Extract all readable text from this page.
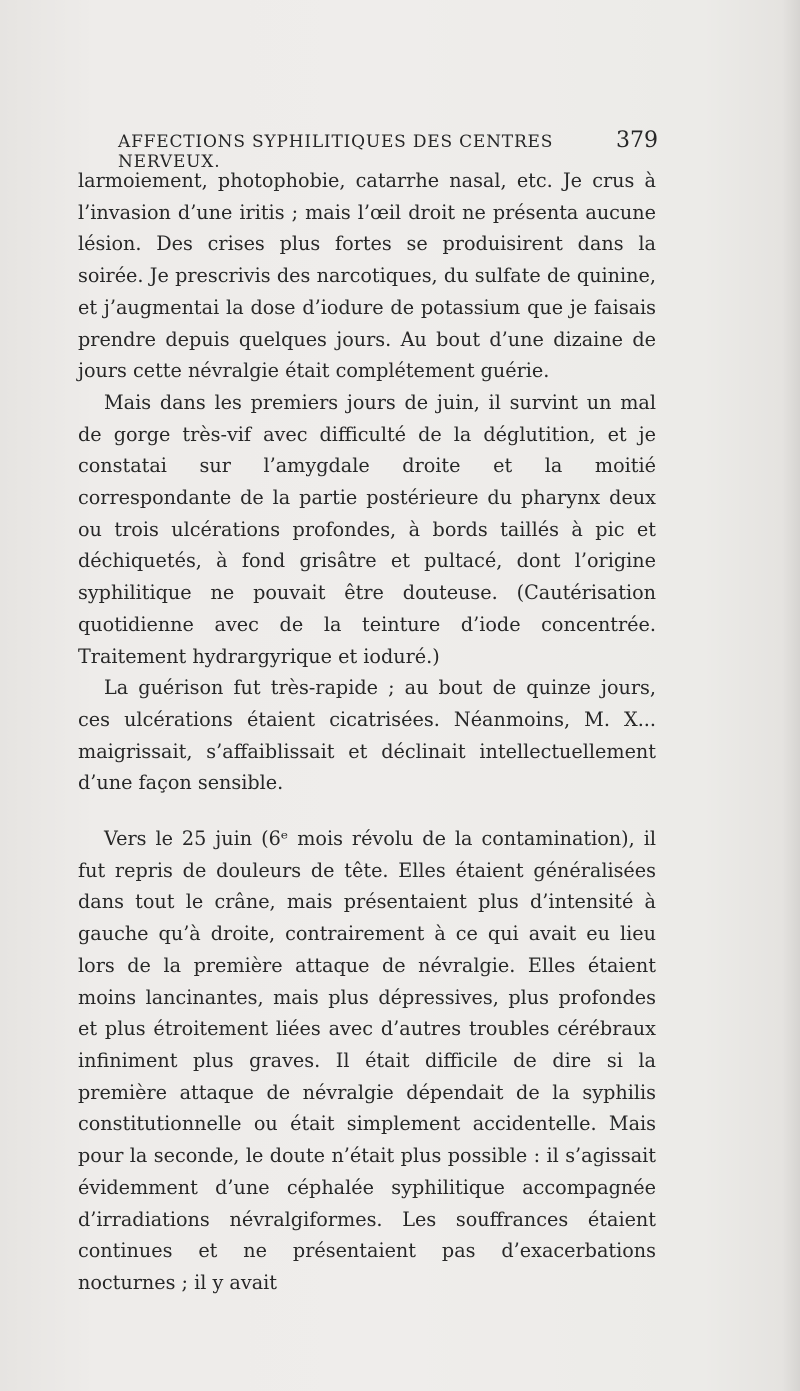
AFFECTIONS SYPHILITIQUES DES CENTRES NERVEUX.
379

larmoiement, photophobie, catarrhe nasal, etc. Je crus à l’invasion d’une iritis ; mais l’œil droit ne présenta aucune lésion. Des crises plus fortes se produisirent dans la soirée. Je prescrivis des narcotiques, du sulfate de quinine, et j’augmentai la dose d’iodure de potassium que je faisais prendre depuis quelques jours. Au bout d’une dizaine de jours cette névralgie était complétement guérie.

Mais dans les premiers jours de juin, il survint un mal de gorge très-vif avec difficulté de la déglutition, et je constatai sur l’amygdale droite et la moitié correspondante de la partie postérieure du pharynx deux ou trois ulcérations profondes, à bords taillés à pic et déchiquetés, à fond grisâtre et pultacé, dont l’origine syphilitique ne pouvait être douteuse. (Cautérisation quotidienne avec de la teinture d’iode concentrée. Traitement hydrargyrique et ioduré.)

La guérison fut très-rapide ; au bout de quinze jours, ces ulcérations étaient cicatrisées. Néanmoins, M. X... maigrissait, s’affaiblissait et déclinait intellectuellement d’une façon sensible.

Vers le 25 juin (6ᵉ mois révolu de la contamination), il fut repris de douleurs de tête. Elles étaient généralisées dans tout le crâne, mais présentaient plus d’intensité à gauche qu’à droite, contrairement à ce qui avait eu lieu lors de la première attaque de névralgie. Elles étaient moins lancinantes, mais plus dépressives, plus profondes et plus étroitement liées avec d’autres troubles cérébraux infiniment plus graves. Il était difficile de dire si la première attaque de névralgie dépendait de la syphilis constitutionnelle ou était simplement accidentelle. Mais pour la seconde, le doute n’était plus possible : il s’agissait évidemment d’une céphalée syphilitique accompagnée d’irradiations névralgiformes. Les souffrances étaient continues et ne présentaient pas d’exacerbations nocturnes ; il y avait
